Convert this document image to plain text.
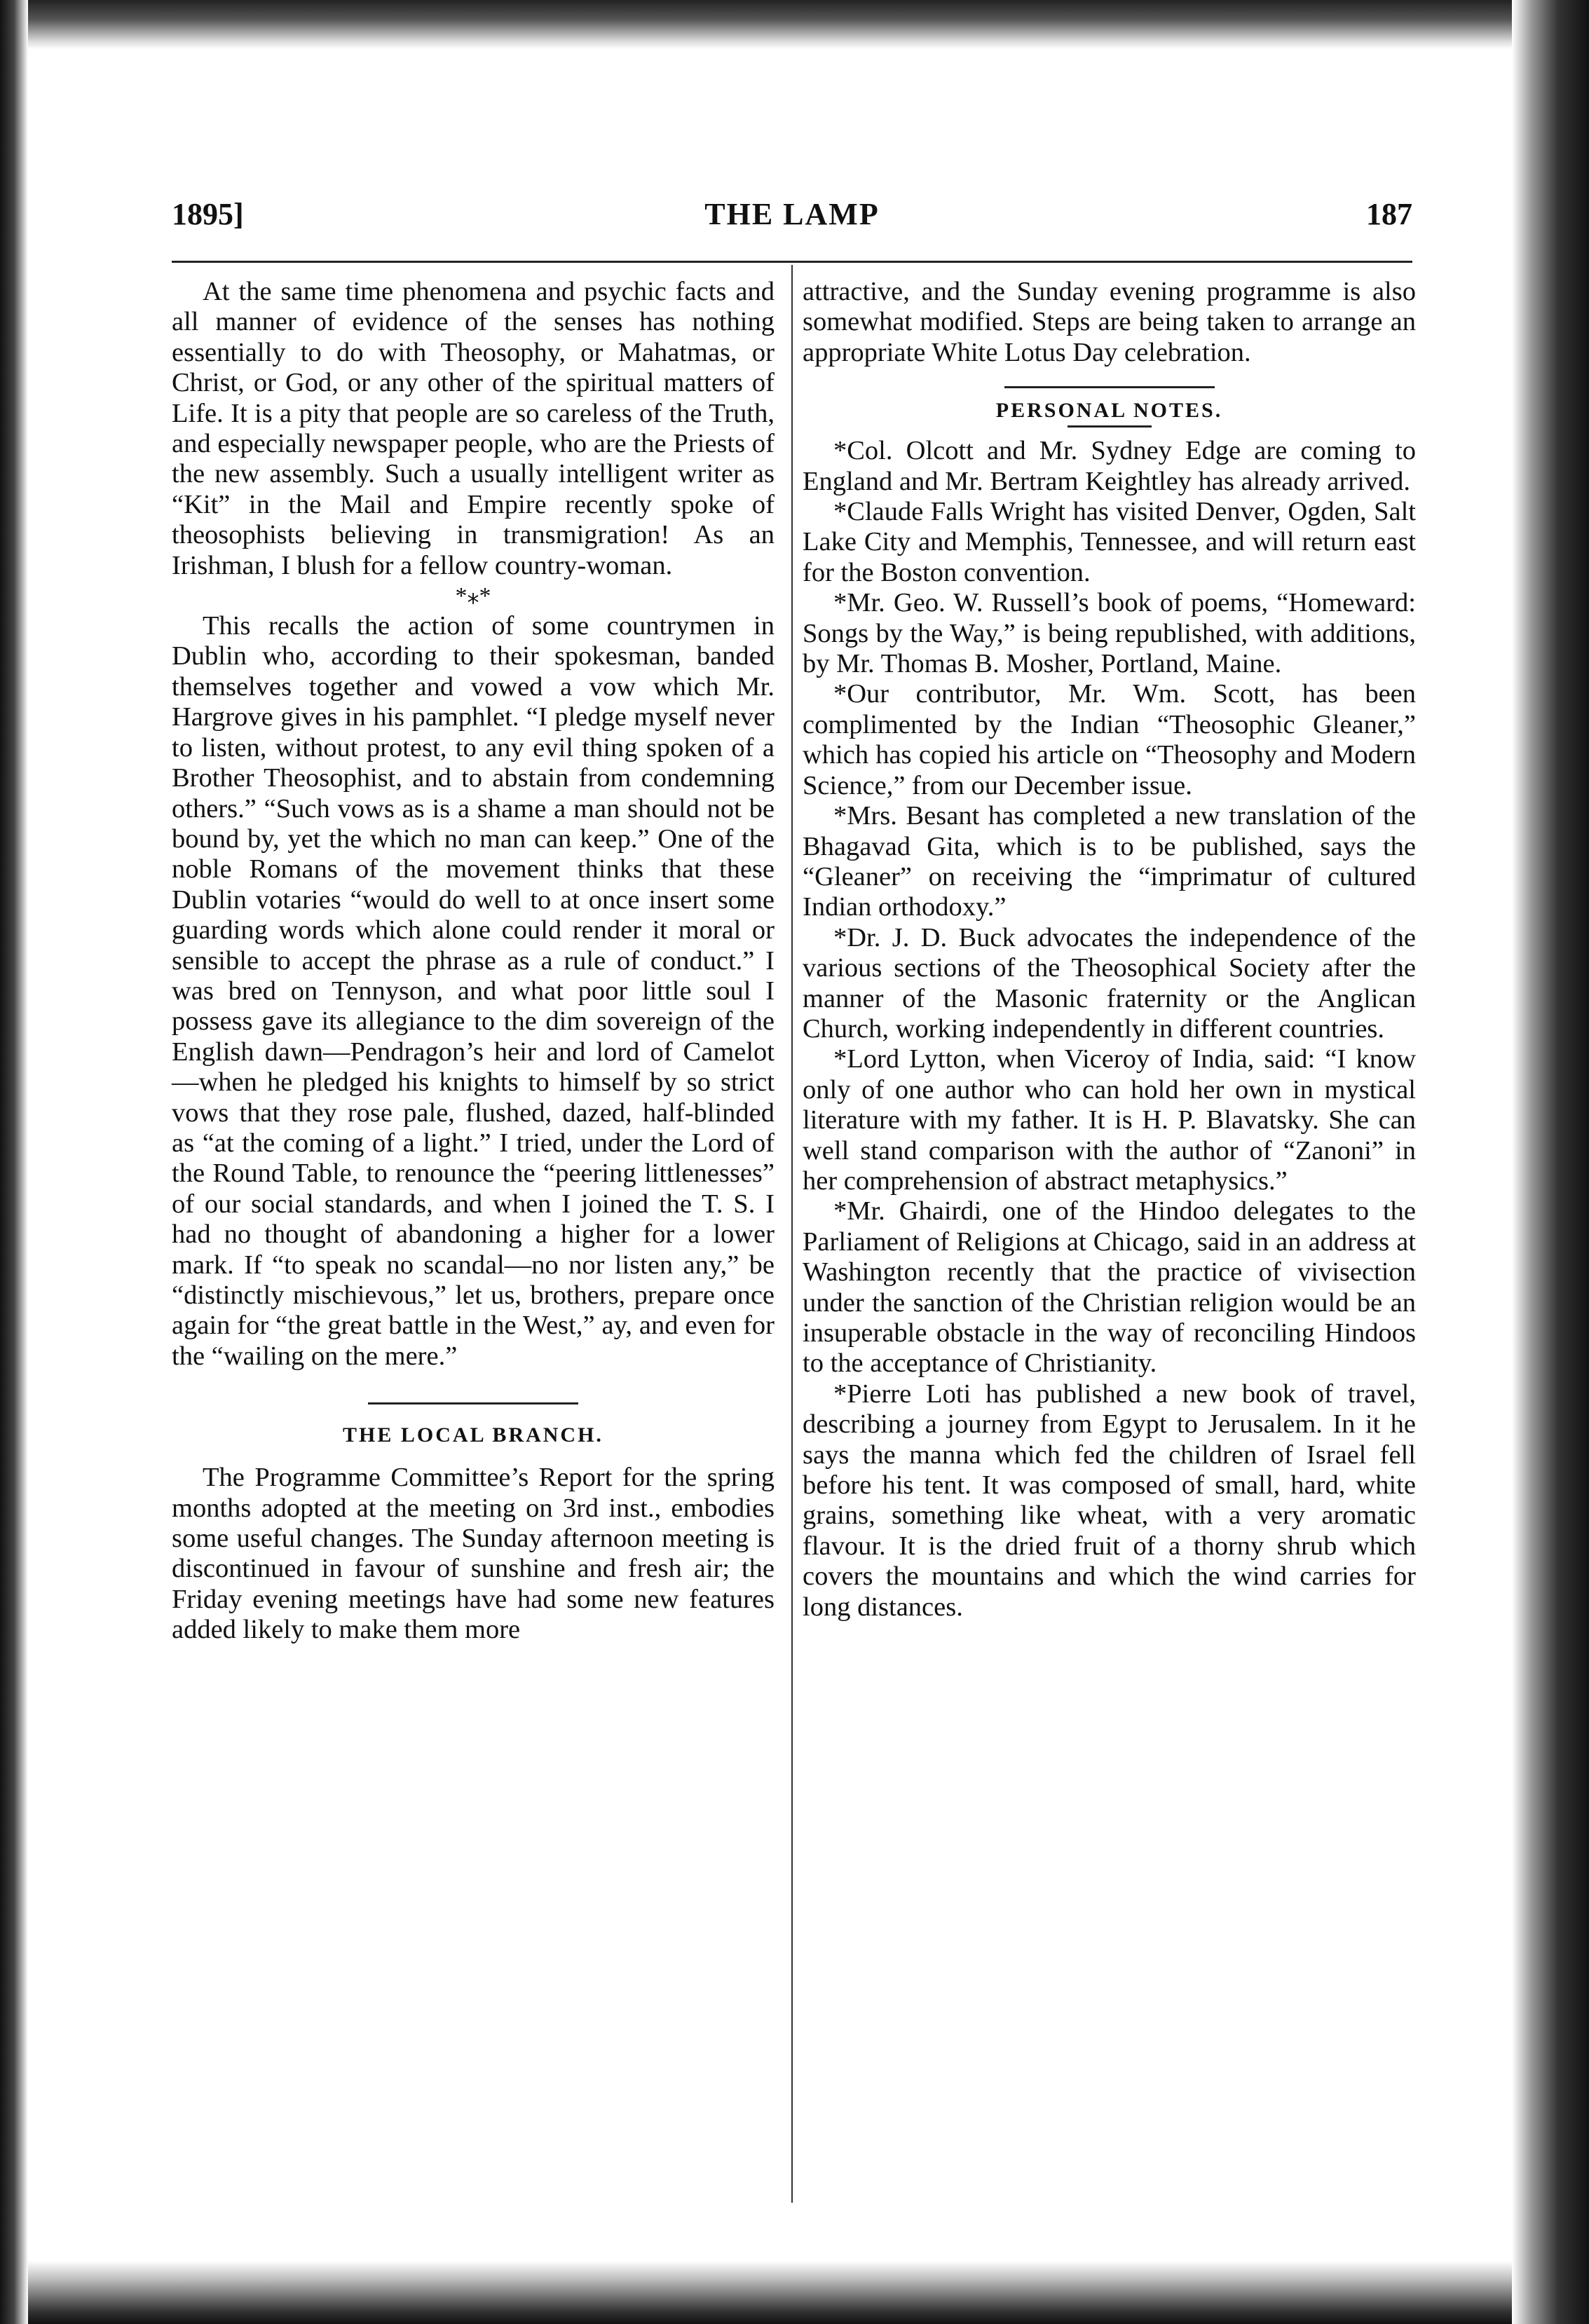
1895]	THE LAMP	187

At the same time phenomena and psychic facts and all manner of evidence of the senses has nothing essentially to do with Theosophy, or Mahatmas, or Christ, or God, or any other of the spiritual matters of Life. It is a pity that people are so careless of the Truth, and especially newspaper people, who are the Priests of the new assembly. Such a usually intelligent writer as “Kit” in the Mail and Empire recently spoke of theosophists believing in transmigration! As an Irishman, I blush for a fellow country-woman.

*⁎*

This recalls the action of some countrymen in Dublin who, according to their spokesman, banded themselves together and vowed a vow which Mr. Hargrove gives in his pamphlet. “I pledge myself never to listen, without protest, to any evil thing spoken of a Brother Theosophist, and to abstain from condemning others.” “Such vows as is a shame a man should not be bound by, yet the which no man can keep.” One of the noble Romans of the movement thinks that these Dublin votaries “would do well to at once insert some guarding words which alone could render it moral or sensible to accept the phrase as a rule of conduct.” I was bred on Tennyson, and what poor little soul I possess gave its allegiance to the dim sovereign of the English dawn—Pendragon’s heir and lord of Camelot—when he pledged his knights to himself by so strict vows that they rose pale, flushed, dazed, half-blinded as “at the coming of a light.” I tried, under the Lord of the Round Table, to renounce the “peering littlenesses” of our social standards, and when I joined the T. S. I had no thought of abandoning a higher for a lower mark. If “to speak no scandal—no nor listen any,” be “distinctly mischievous,” let us, brothers, prepare once again for “the great battle in the West,” ay, and even for the “wailing on the mere.”

THE LOCAL BRANCH.

The Programme Committee’s Report for the spring months adopted at the meeting on 3rd inst., embodies some useful changes. The Sunday afternoon meeting is discontinued in favour of sunshine and fresh air; the Friday evening meetings have had some new features added likely to make them more

attractive, and the Sunday evening programme is also somewhat modified. Steps are being taken to arrange an appropriate White Lotus Day celebration.

PERSONAL NOTES.

*Col. Olcott and Mr. Sydney Edge are coming to England and Mr. Bertram Keightley has already arrived.

*Claude Falls Wright has visited Denver, Ogden, Salt Lake City and Memphis, Tennessee, and will return east for the Boston convention.

*Mr. Geo. W. Russell’s book of poems, “Homeward: Songs by the Way,” is being republished, with additions, by Mr. Thomas B. Mosher, Portland, Maine.

*Our contributor, Mr. Wm. Scott, has been complimented by the Indian “Theosophic Gleaner,” which has copied his article on “Theosophy and Modern Science,” from our December issue.

*Mrs. Besant has completed a new translation of the Bhagavad Gita, which is to be published, says the “Gleaner” on receiving the “imprimatur of cultured Indian orthodoxy.”

*Dr. J. D. Buck advocates the independence of the various sections of the Theosophical Society after the manner of the Masonic fraternity or the Anglican Church, working independently in different countries.

*Lord Lytton, when Viceroy of India, said: “I know only of one author who can hold her own in mystical literature with my father. It is H. P. Blavatsky. She can well stand comparison with the author of “Zanoni” in her comprehension of abstract metaphysics.”

*Mr. Ghairdi, one of the Hindoo delegates to the Parliament of Religions at Chicago, said in an address at Washington recently that the practice of vivisection under the sanction of the Christian religion would be an insuperable obstacle in the way of reconciling Hindoos to the acceptance of Christianity.

*Pierre Loti has published a new book of travel, describing a journey from Egypt to Jerusalem. In it he says the manna which fed the children of Israel fell before his tent. It was composed of small, hard, white grains, something like wheat, with a very aromatic flavour. It is the dried fruit of a thorny shrub which covers the mountains and which the wind carries for long distances.
